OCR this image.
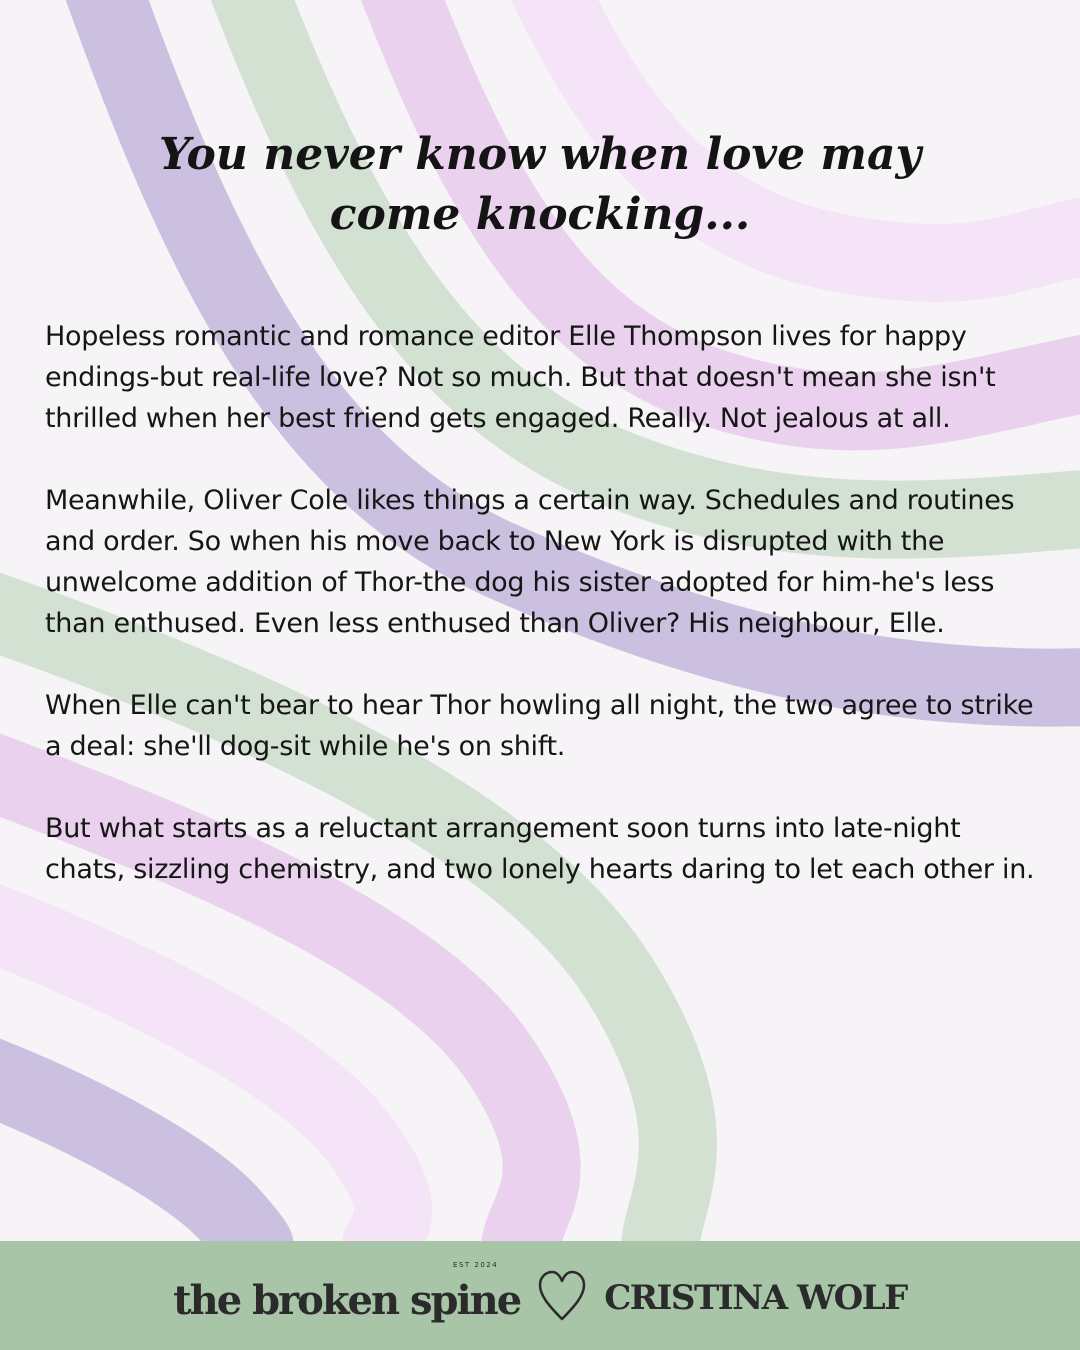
You never know when love may
come knocking...

Hopeless romantic and romance editor Elle Thompson lives for happy endings-but real-life love? Not so much. But that doesn't mean she isn't thrilled when her best friend gets engaged. Really. Not jealous at all.

Meanwhile, Oliver Cole likes things a certain way. Schedules and routines and order. So when his move back to New York is disrupted with the unwelcome addition of Thor-the dog his sister adopted for him-he's less than enthused. Even less enthused than Oliver? His neighbour, Elle.

When Elle can't bear to hear Thor howling all night, the two agree to strike a deal: she'll dog-sit while he's on shift.

But what starts as a reluctant arrangement soon turns into late-night chats, sizzling chemistry, and two lonely hearts daring to let each other in.

EST 2024
the broken spine CRISTINA WOLF
